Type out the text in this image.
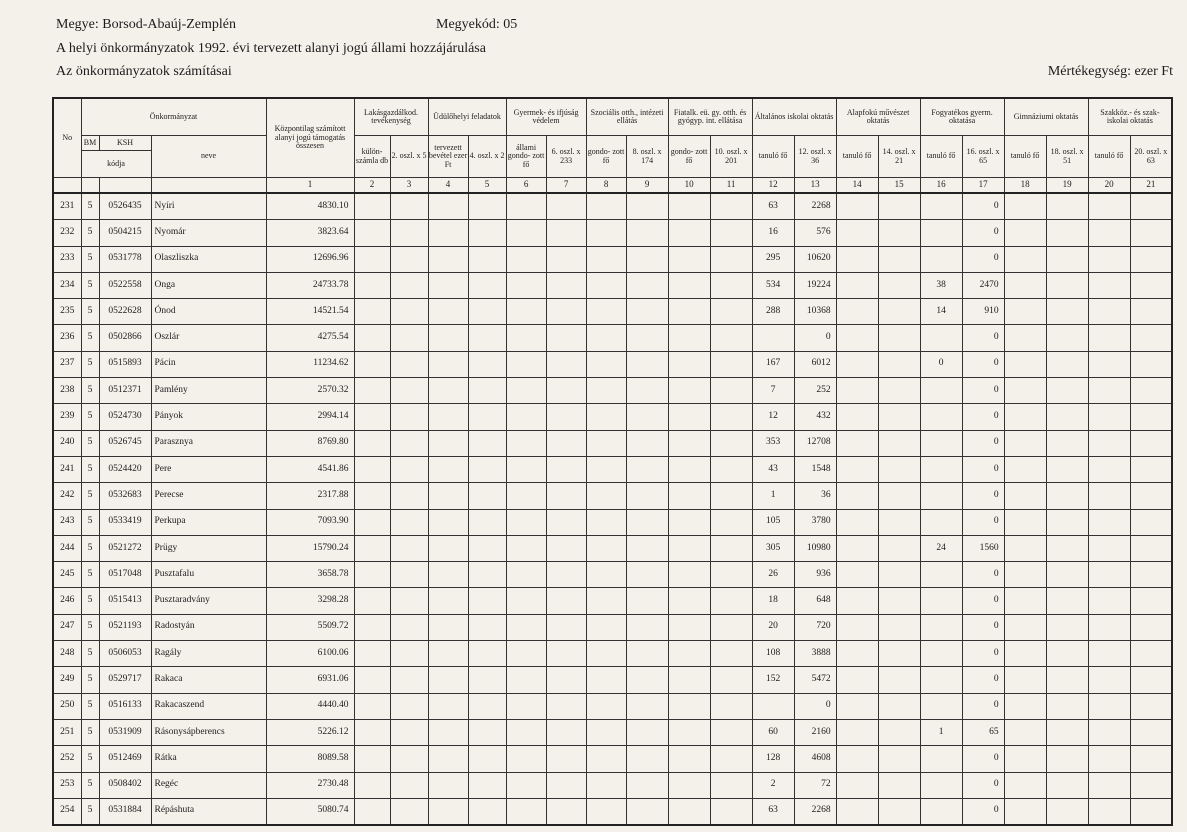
Megye: Borsod-Abaúj-Zemplén	Megyekód: 05
A helyi önkormányzatok 1992. évi tervezett alanyi jogú állami hozzájárulása
Az önkormányzatok számításai	Mértékegység: ezer Ft
No	Önkormányzat			Központilag számított alanyi jogú támogatás összesen	Lakásgazdálkod. tevékenység		Üdülőhelyi feladatok		Gyermek- és ifjúság védelem		Szociális otth., intézeti ellátás		Fiatalk. eü. gy. otth. és gyógyp. int. ellátása		Általános iskolai oktatás		Alapfokú művészet oktatás		Fogyatékos gyerm. oktatása		Gimnáziumi oktatás		Szakköz.- és szak- iskolai oktatás	
	BM	KSH	neve		külön- számla db	2. oszl. x 5	tervezett bevétel ezer Ft	4. oszl. x 2	állami gondo- zott fő	6. oszl. x 233	gondo- zott fő	8. oszl. x 174	gondo- zott fő	10. oszl. x 201	tanuló fő	12. oszl. x 36	tanuló fő	14. oszl. x 21	tanuló fő	16. oszl. x 65	tanuló fő	18. oszl. x 51	tanuló fő	20. oszl. x 63
	kódja																							
				1	2	3	4	5	6	7	8	9	10	11	12	13	14	15	16	17	18	19	20	21
231	5	0526435	Nyíri	4830.10											63	2268				0				
232	5	0504215	Nyomár	3823.64											16	576				0				
233	5	0531778	Olaszliszka	12696.96											295	10620				0				
234	5	0522558	Onga	24733.78											534	19224			38	2470				
235	5	0522628	Ónod	14521.54											288	10368			14	910				
236	5	0502866	Oszlár	4275.54												0				0				
237	5	0515893	Pácin	11234.62											167	6012			0	0				
238	5	0512371	Pamlény	2570.32											7	252				0				
239	5	0524730	Pányok	2994.14											12	432				0				
240	5	0526745	Parasznya	8769.80											353	12708				0				
241	5	0524420	Pere	4541.86											43	1548				0				
242	5	0532683	Perecse	2317.88											1	36				0				
243	5	0533419	Perkupa	7093.90											105	3780				0				
244	5	0521272	Prügy	15790.24											305	10980			24	1560				
245	5	0517048	Pusztafalu	3658.78											26	936				0				
246	5	0515413	Pusztaradvány	3298.28											18	648				0				
247	5	0521193	Radostyán	5509.72											20	720				0				
248	5	0506053	Ragály	6100.06											108	3888				0				
249	5	0529717	Rakaca	6931.06											152	5472				0				
250	5	0516133	Rakacaszend	4440.40												0				0				
251	5	0531909	Rásonysápberencs	5226.12											60	2160			1	65				
252	5	0512469	Rátka	8089.58											128	4608				0				
253	5	0508402	Regéc	2730.48											2	72				0				
254	5	0531884	Répáshuta	5080.74											63	2268				0				
